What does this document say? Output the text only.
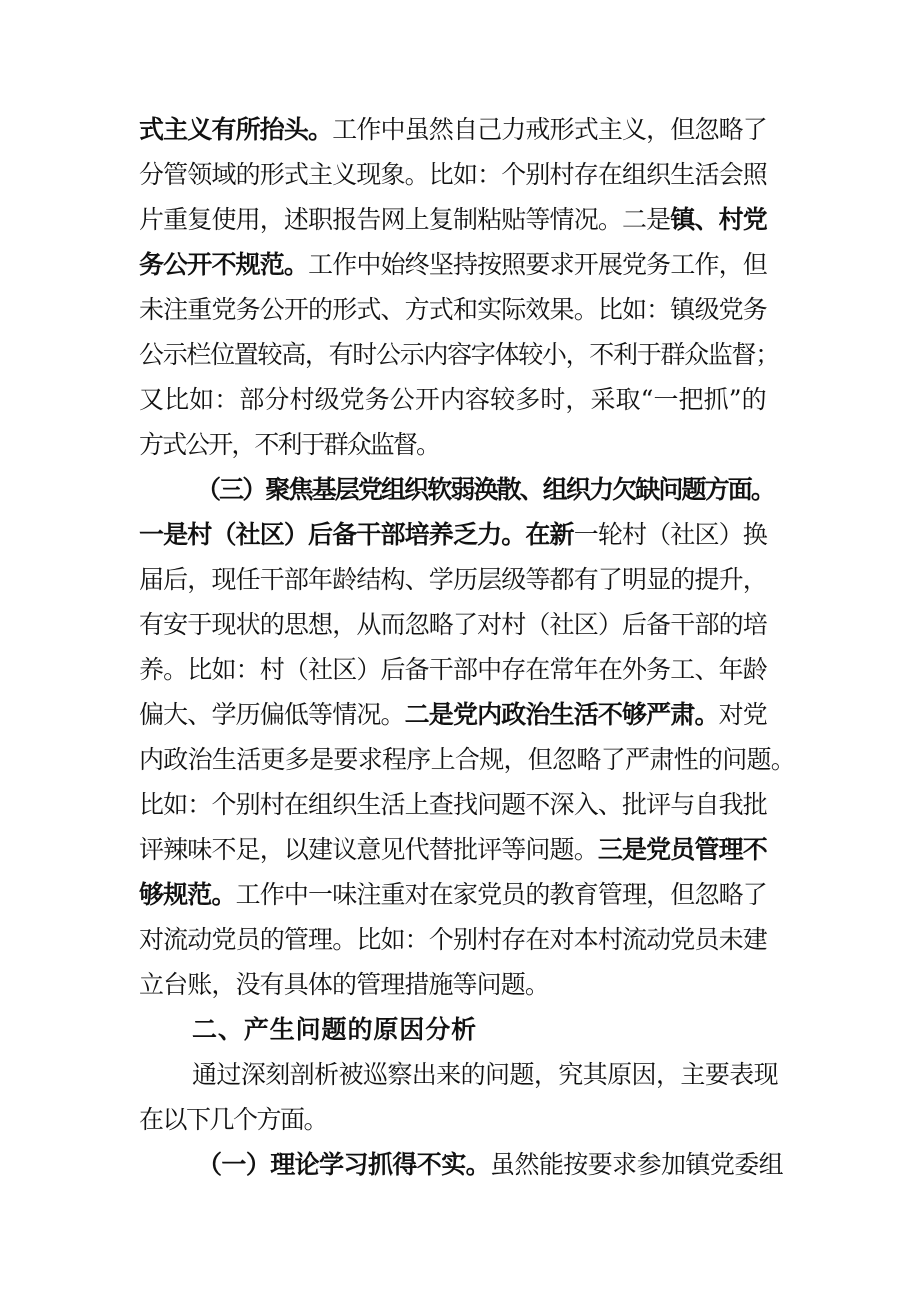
式主义有所抬头。工作中虽然自己力戒形式主义，但忽略了
分管领域的形式主义现象。比如：个别村存在组织生活会照
片重复使用，述职报告网上复制粘贴等情况。二是镇、村党
务公开不规范。工作中始终坚持按照要求开展党务工作，但
未注重党务公开的形式、方式和实际效果。比如：镇级党务
公示栏位置较高，有时公示内容字体较小，不利于群众监督；
又比如：部分村级党务公开内容较多时，采取“一把抓”的
方式公开，不利于群众监督。
（三）聚焦基层党组织软弱涣散、组织力欠缺问题方面。
一是村（社区）后备干部培养乏力。在新一轮村（社区）换
届后，现任干部年龄结构、学历层级等都有了明显的提升，
有安于现状的思想，从而忽略了对村（社区）后备干部的培
养。比如：村（社区）后备干部中存在常年在外务工、年龄
偏大、学历偏低等情况。二是党内政治生活不够严肃。对党
内政治生活更多是要求程序上合规，但忽略了严肃性的问题。
比如：个别村在组织生活上查找问题不深入、批评与自我批
评辣味不足，以建议意见代替批评等问题。三是党员管理不
够规范。工作中一味注重对在家党员的教育管理，但忽略了
对流动党员的管理。比如：个别村存在对本村流动党员未建
立台账，没有具体的管理措施等问题。
二、产生问题的原因分析
通过深刻剖析被巡察出来的问题，究其原因，主要表现
在以下几个方面。
（一）理论学习抓得不实。虽然能按要求参加镇党委组
